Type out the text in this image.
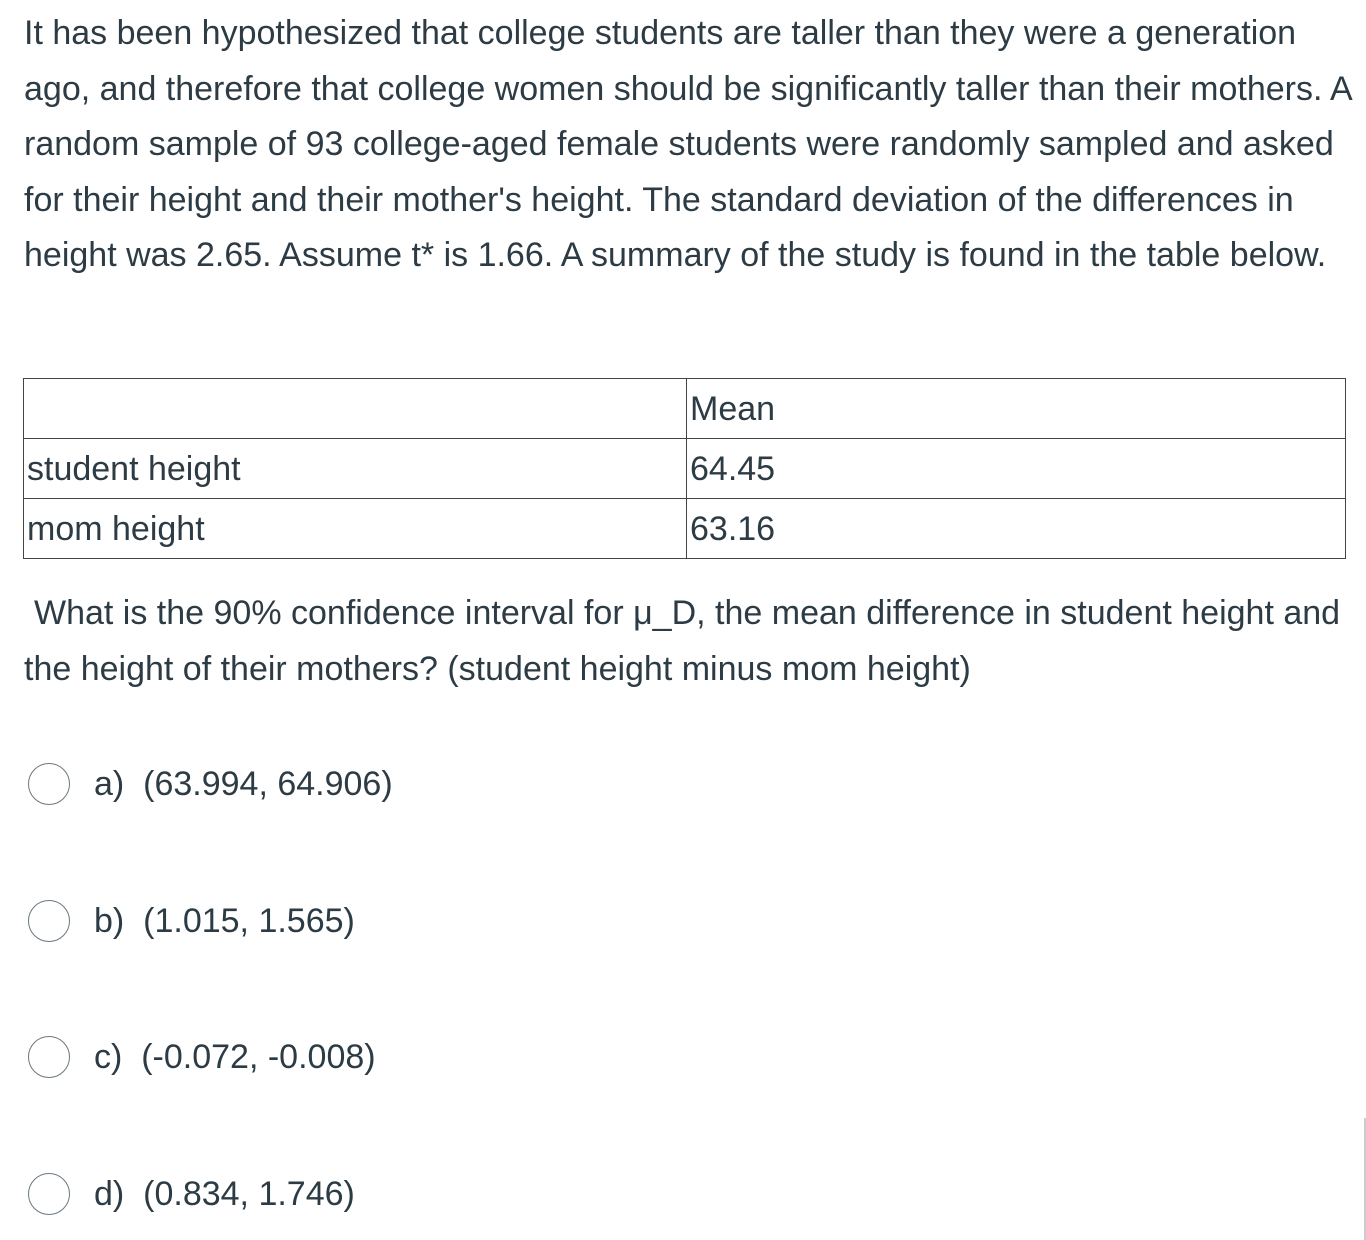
It has been hypothesized that college students are taller than they were a generation ago, and therefore that college women should be significantly taller than their mothers. A random sample of 93 college-aged female students were randomly sampled and asked for their height and their mother's height. The standard deviation of the differences in height was 2.65. Assume t* is 1.66. A summary of the study is found in the table below.

	Mean
student height	64.45
mom height	63.16

What is the 90% confidence interval for μ_D, the mean difference in student height and the height of their mothers? (student height minus mom height)

a) (63.994, 64.906)
b) (1.015, 1.565)
c) (-0.072, -0.008)
d) (0.834, 1.746)
